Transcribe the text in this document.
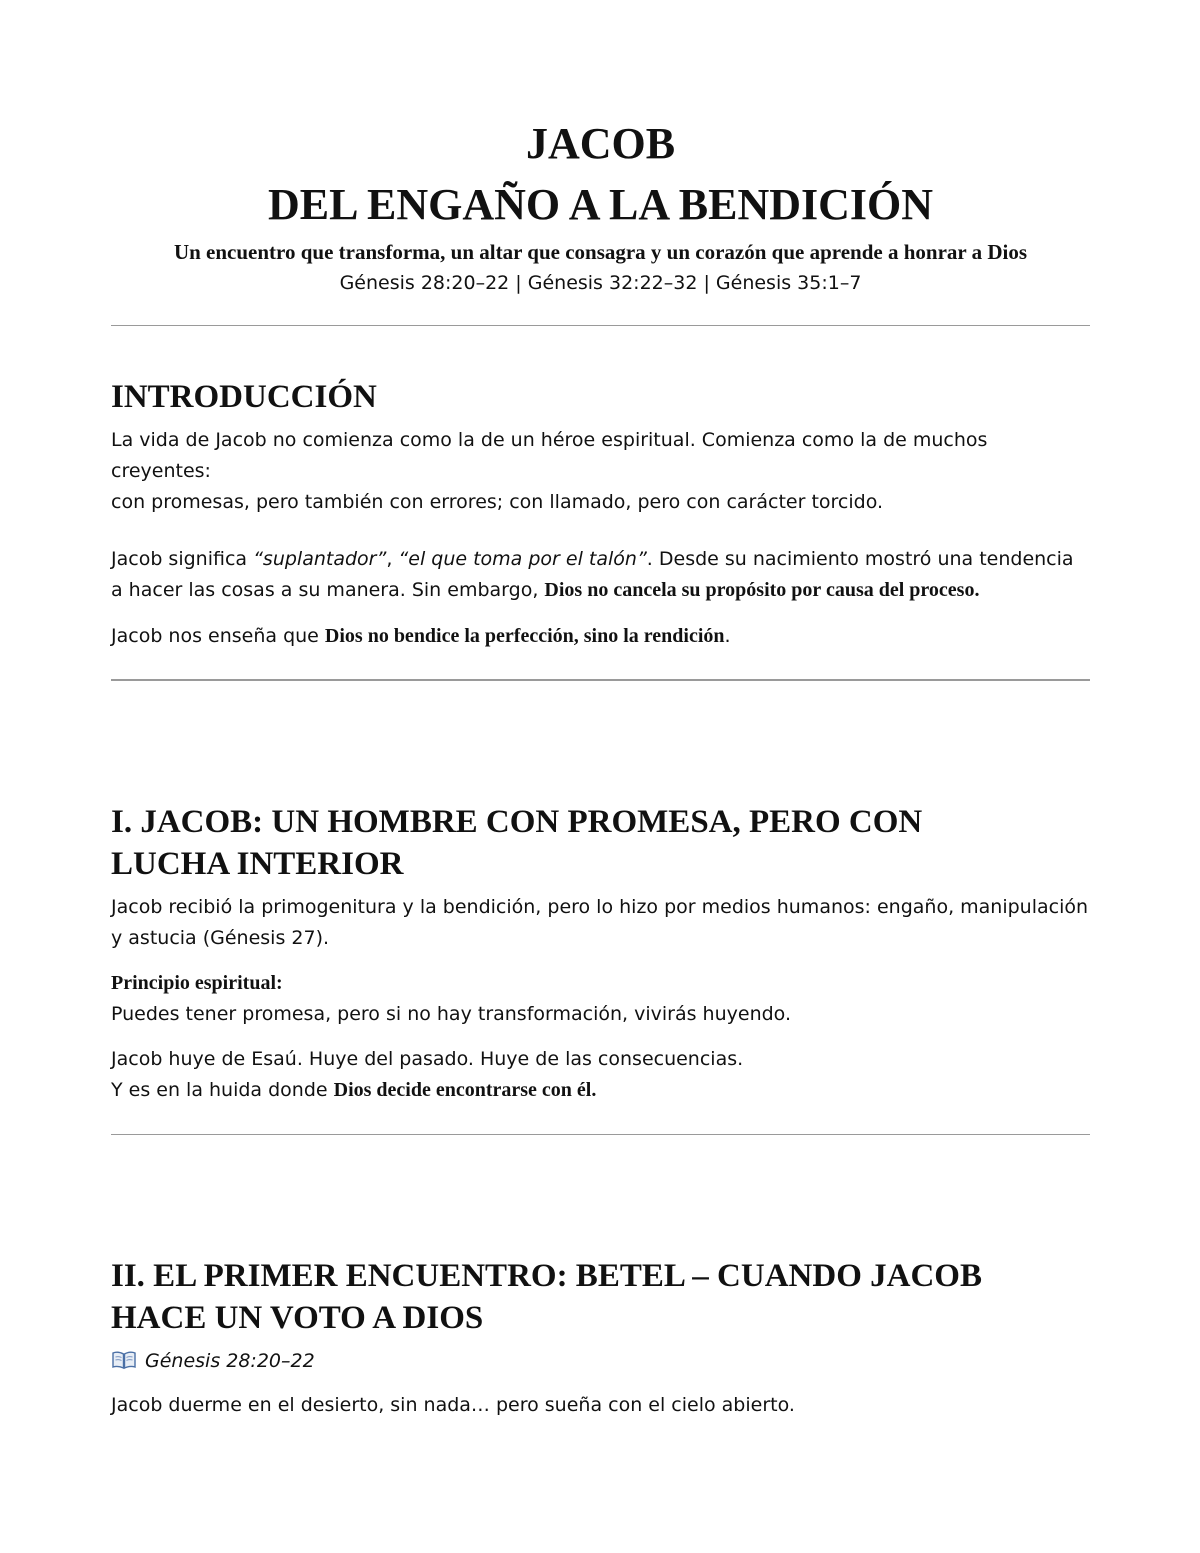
JACOB
DEL ENGAÑO A LA BENDICIÓN

Un encuentro que transforma, un altar que consagra y un corazón que aprende a honrar a Dios

Génesis 28:20–22 | Génesis 32:22–32 | Génesis 35:1–7

INTRODUCCIÓN

La vida de Jacob no comienza como la de un héroe espiritual. Comienza como la de muchos creyentes:
con promesas, pero también con errores; con llamado, pero con carácter torcido.

Jacob significa “suplantador”, “el que toma por el talón”. Desde su nacimiento mostró una tendencia
a hacer las cosas a su manera. Sin embargo, Dios no cancela su propósito por causa del proceso.

Jacob nos enseña que Dios no bendice la perfección, sino la rendición.

I. JACOB: UN HOMBRE CON PROMESA, PERO CON
LUCHA INTERIOR

Jacob recibió la primogenitura y la bendición, pero lo hizo por medios humanos: engaño, manipulación
y astucia (Génesis 27).

Principio espiritual:
Puedes tener promesa, pero si no hay transformación, vivirás huyendo.

Jacob huye de Esaú. Huye del pasado. Huye de las consecuencias.
Y es en la huida donde Dios decide encontrarse con él.

II. EL PRIMER ENCUENTRO: BETEL – CUANDO JACOB
HACE UN VOTO A DIOS

Génesis 28:20–22

Jacob duerme en el desierto, sin nada… pero sueña con el cielo abierto.
